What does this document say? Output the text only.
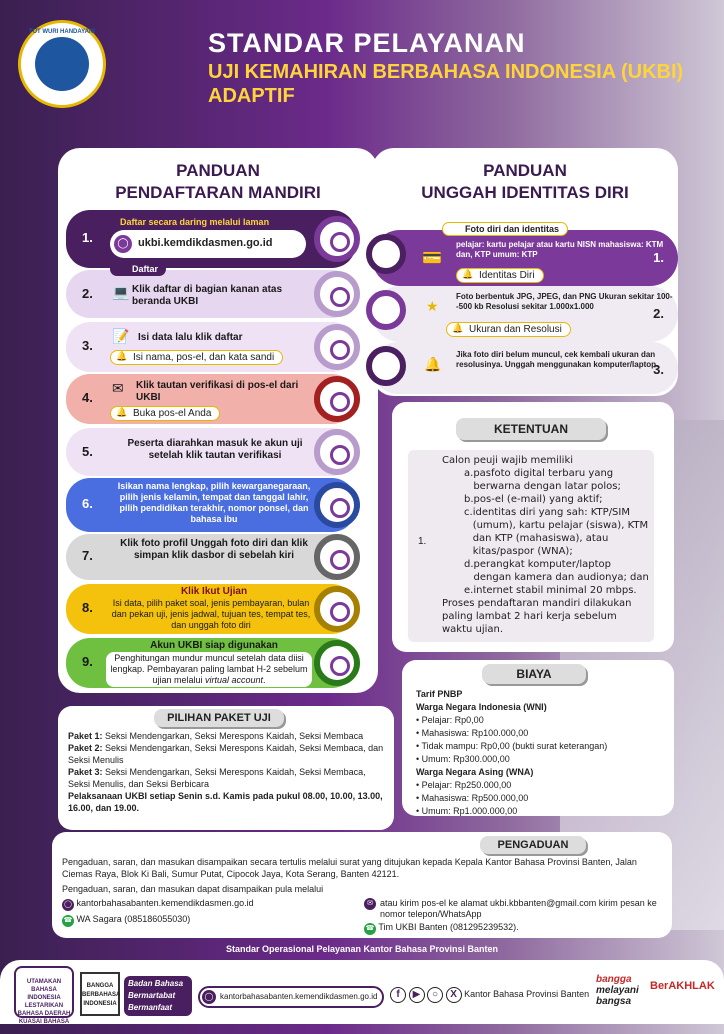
TUT WURI HANDAYANI	STANDAR PELAYANAN
UJI KEMAHIRAN BERBAHASA INDONESIA (UKBI) ADAPTIF
PANDUAN
PENDAFTARAN MANDIRI
1.
Daftar secara daring melalui laman
◯ ukbi.kemdikdasmen.go.id
Daftar
2. 💻 Klik daftar di bagian kanan atas beranda UKBI
3.
📝 Isi data lalu klik daftar
🔔 Isi nama, pos-el, dan kata sandi
4.
✉ Klik tautan verifikasi di pos-el dari UKBI
🔔 Buka pos-el Anda
5.
Peserta diarahkan masuk ke akun uji setelah klik tautan verifikasi
6.
Isikan nama lengkap, pilih kewarganegaraan, pilih jenis kelamin, tempat dan tanggal lahir, pilih pendidikan terakhir, nomor ponsel, dan bahasa ibu
7.
Klik foto profil Unggah foto diri dan klik simpan klik dasbor di sebelah kiri
8.
Klik Ikut Ujian
Isi data, pilih paket soal, jenis pembayaran, bulan dan pekan uji, jenis jadwal, tujuan tes, tempat tes, dan unggah foto diri
9.
Akun UKBI siap digunakan
Penghitungan mundur muncul setelah data diisi lengkap. Pembayaran paling lambat H-2 sebelum ujian melalui virtual account.
PANDUAN
UNGGAH IDENTITAS DIRI
Foto diri dan identitas
💳
pelajar: kartu pelajar atau kartu NISN mahasiswa: KTM dan, KTP umum: KTP
🔔 Identitas Diri
1.
★
Foto berbentuk JPG, JPEG, dan PNG Ukuran sekitar 100--500 kb Resolusi sekitar 1.000x1.000
🔔 Ukuran dan Resolusi
2.
🔔
Jika foto diri belum muncul, cek kembali ukuran dan resolusinya. Unggah menggunakan komputer/laptop.
3.
KETENTUAN
1.
Calon peuji wajib memiliki
a. pasfoto digital terbaru yang berwarna dengan latar polos;
b. pos-el (e-mail) yang aktif;
c. identitas diri yang sah: KTP/SIM (umum), kartu pelajar (siswa), KTM dan KTP (mahasiswa), atau kitas/paspor (WNA);
d. perangkat komputer/laptop dengan kamera dan audionya; dan
e. internet stabil minimal 20 mbps.
Proses pendaftaran mandiri dilakukan paling lambat 2 hari kerja sebelum waktu ujian.
BIAYA
Tarif PNBP
Warga Negara Indonesia (WNI)
• Pelajar: Rp0,00
• Mahasiswa: Rp100.000,00
• Tidak mampu: Rp0,00 (bukti surat keterangan)
• Umum: Rp300.000,00
Warga Negara Asing (WNA)
• Pelajar: Rp250.000,00
• Mahasiswa: Rp500.000,00
• Umum: Rp1.000.000,00
PILIHAN PAKET UJI
Paket 1: Seksi Mendengarkan, Seksi Merespons Kaidah, Seksi Membaca
Paket 2: Seksi Mendengarkan, Seksi Merespons Kaidah, Seksi Membaca, dan Seksi Menulis
Paket 3: Seksi Mendengarkan, Seksi Merespons Kaidah, Seksi Membaca, Seksi Menulis, dan Seksi Berbicara
Pelaksanaan UKBI setiap Senin s.d. Kamis pada pukul 08.00, 10.00, 13.00, 16.00, dan 19.00.
PENGADUAN
Pengaduan, saran, dan masukan disampaikan secara tertulis melalui surat yang ditujukan kepada Kepala Kantor Bahasa Provinsi Banten, Jalan Ciemas Raya, Blok Ki Bali, Sumur Putat, Cipocok Jaya, Kota Serang, Banten 42121.
Pengaduan, saran, dan masukan dapat disampaikan pula melalui
◯ kantorbahasabanten.kemendikdasmen.go.id
☎ WA Sagara (085186055030)
✉ atau kirim pos-el ke alamat ukbi.kbbanten@gmail.com kirim pesan ke nomor telepon/WhatsApp
☎ Tim UKBI Banten (081295239532).
Standar Operasional Pelayanan Kantor Bahasa Provinsi Banten
UTAMAKAN BAHASA INDONESIA LESTARIKAN BAHASA DAERAH KUASAI BAHASA ASING
BANGGA BERBAHASA INDONESIA
Badan Bahasa
Bermartabat
Bermanfaat
◯ kantorbahasabanten.kemendikdasmen.go.id	f ▶ ○ X Kantor Bahasa Provinsi Banten
bangga
melayani
bangsa
BerAKHLAK
